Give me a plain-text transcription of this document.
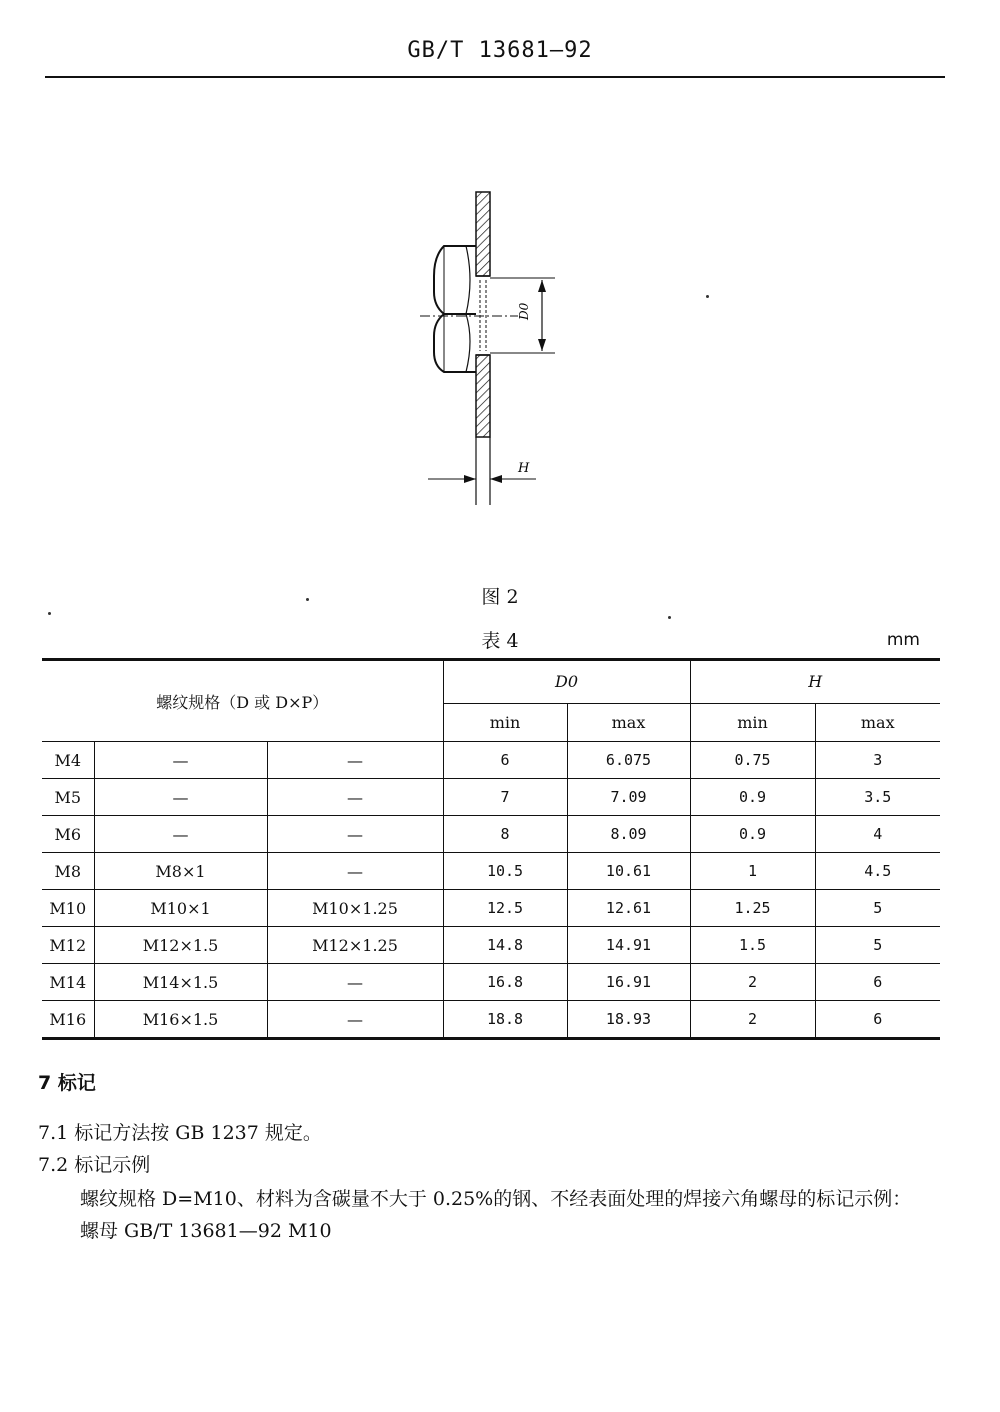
GB/T 13681—92
D0
H
图 2
表 4	mm
螺纹规格（D 或 D×P）			D0		H	
			min	max	min	max
M4	—	—	6	6.075	0.75	3
M5	—	—	7	7.09	0.9	3.5
M6	—	—	8	8.09	0.9	4
M8	M8×1	—	10.5	10.61	1	4.5
M10	M10×1	M10×1.25	12.5	12.61	1.25	5
M12	M12×1.5	M12×1.25	14.8	14.91	1.5	5
M14	M14×1.5	—	16.8	16.91	2	6
M16	M16×1.5	—	18.8	18.93	2	6
7 标记
7.1 标记方法按 GB 1237 规定。
7.2 标记示例
螺纹规格 D=M10、材料为含碳量不大于 0.25%的钢、不经表面处理的焊接六角螺母的标记示例：
螺母 GB/T 13681—92 M10
